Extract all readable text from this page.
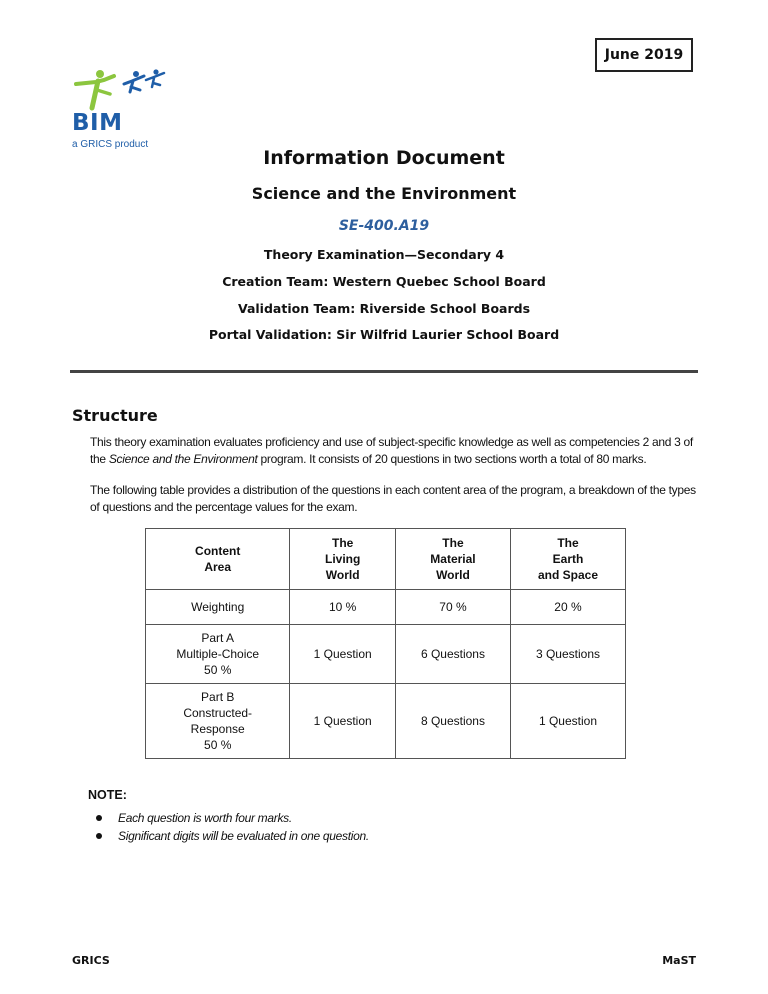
June 2019
BIM
a GRICS product
Information Document
Science and the Environment
SE-400.A19
Theory Examination—Secondary 4
Creation Team: Western Quebec School Board
Validation Team: Riverside School Boards
Portal Validation: Sir Wilfrid Laurier School Board
Structure
This theory examination evaluates proficiency and use of subject-specific knowledge as well as competencies 2 and 3 of the Science and the Environment program. It consists of 20 questions in two sections worth a total of 80 marks.
The following table provides a distribution of the questions in each content area of the program, a breakdown of the types of questions and the percentage values for the exam.
Content
Area	The
Living
World	The
Material
World	The
Earth
and Space

Weighting	10 %	70 %	20 %

Part A
Multiple-Choice
50 %	1 Question	6 Questions	3 Questions

Part B
Constructed-
Response
50 %	1 Question	8 Questions	1 Question
NOTE:
Each question is worth four marks.
Significant digits will be evaluated in one question.
GRICS	MaST
